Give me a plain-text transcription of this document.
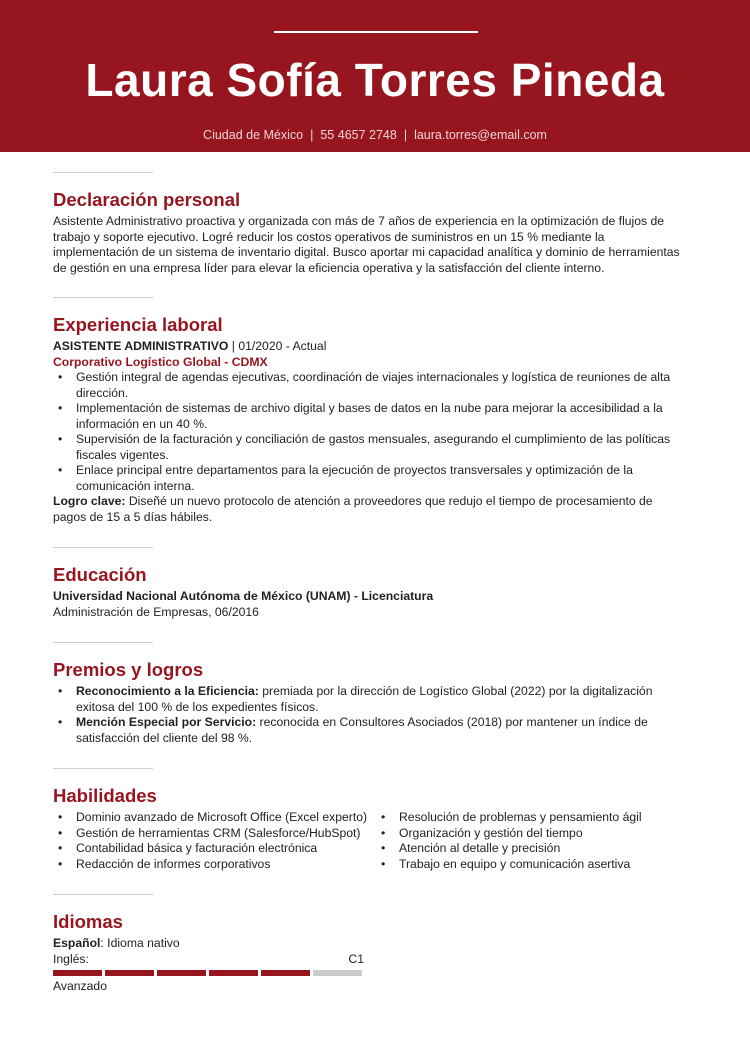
Laura Sofía Torres Pineda
Ciudad de México | 55 4657 2748 | laura.torres@email.com
Declaración personal
Asistente Administrativo proactiva y organizada con más de 7 años de experiencia en la optimización de flujos de trabajo y soporte ejecutivo. Logré reducir los costos operativos de suministros en un 15 % mediante la implementación de un sistema de inventario digital. Busco aportar mi capacidad analítica y dominio de herramientas de gestión en una empresa líder para elevar la eficiencia operativa y la satisfacción del cliente interno.
Experiencia laboral
ASISTENTE ADMINISTRATIVO | 01/2020 - Actual
Corporativo Logístico Global - CDMX
• Gestión integral de agendas ejecutivas, coordinación de viajes internacionales y logística de reuniones de alta dirección.
• Implementación de sistemas de archivo digital y bases de datos en la nube para mejorar la accesibilidad a la información en un 40 %.
• Supervisión de la facturación y conciliación de gastos mensuales, asegurando el cumplimiento de las políticas fiscales vigentes.
• Enlace principal entre departamentos para la ejecución de proyectos transversales y optimización de la comunicación interna.
Logro clave: Diseñé un nuevo protocolo de atención a proveedores que redujo el tiempo de procesamiento de pagos de 15 a 5 días hábiles.
Educación
Universidad Nacional Autónoma de México (UNAM) - Licenciatura
Administración de Empresas, 06/2016
Premios y logros
• Reconocimiento a la Eficiencia: premiada por la dirección de Logístico Global (2022) por la digitalización exitosa del 100 % de los expedientes físicos.
• Mención Especial por Servicio: reconocida en Consultores Asociados (2018) por mantener un índice de satisfacción del cliente del 98 %.
Habilidades
• Dominio avanzado de Microsoft Office (Excel experto)
• Gestión de herramientas CRM (Salesforce/HubSpot)
• Contabilidad básica y facturación electrónica
• Redacción de informes corporativos
• Resolución de problemas y pensamiento ágil
• Organización y gestión del tiempo
• Atención al detalle y precisión
• Trabajo en equipo y comunicación asertiva
Idiomas
Español: Idioma nativo
Inglés:	C1
Avanzado
